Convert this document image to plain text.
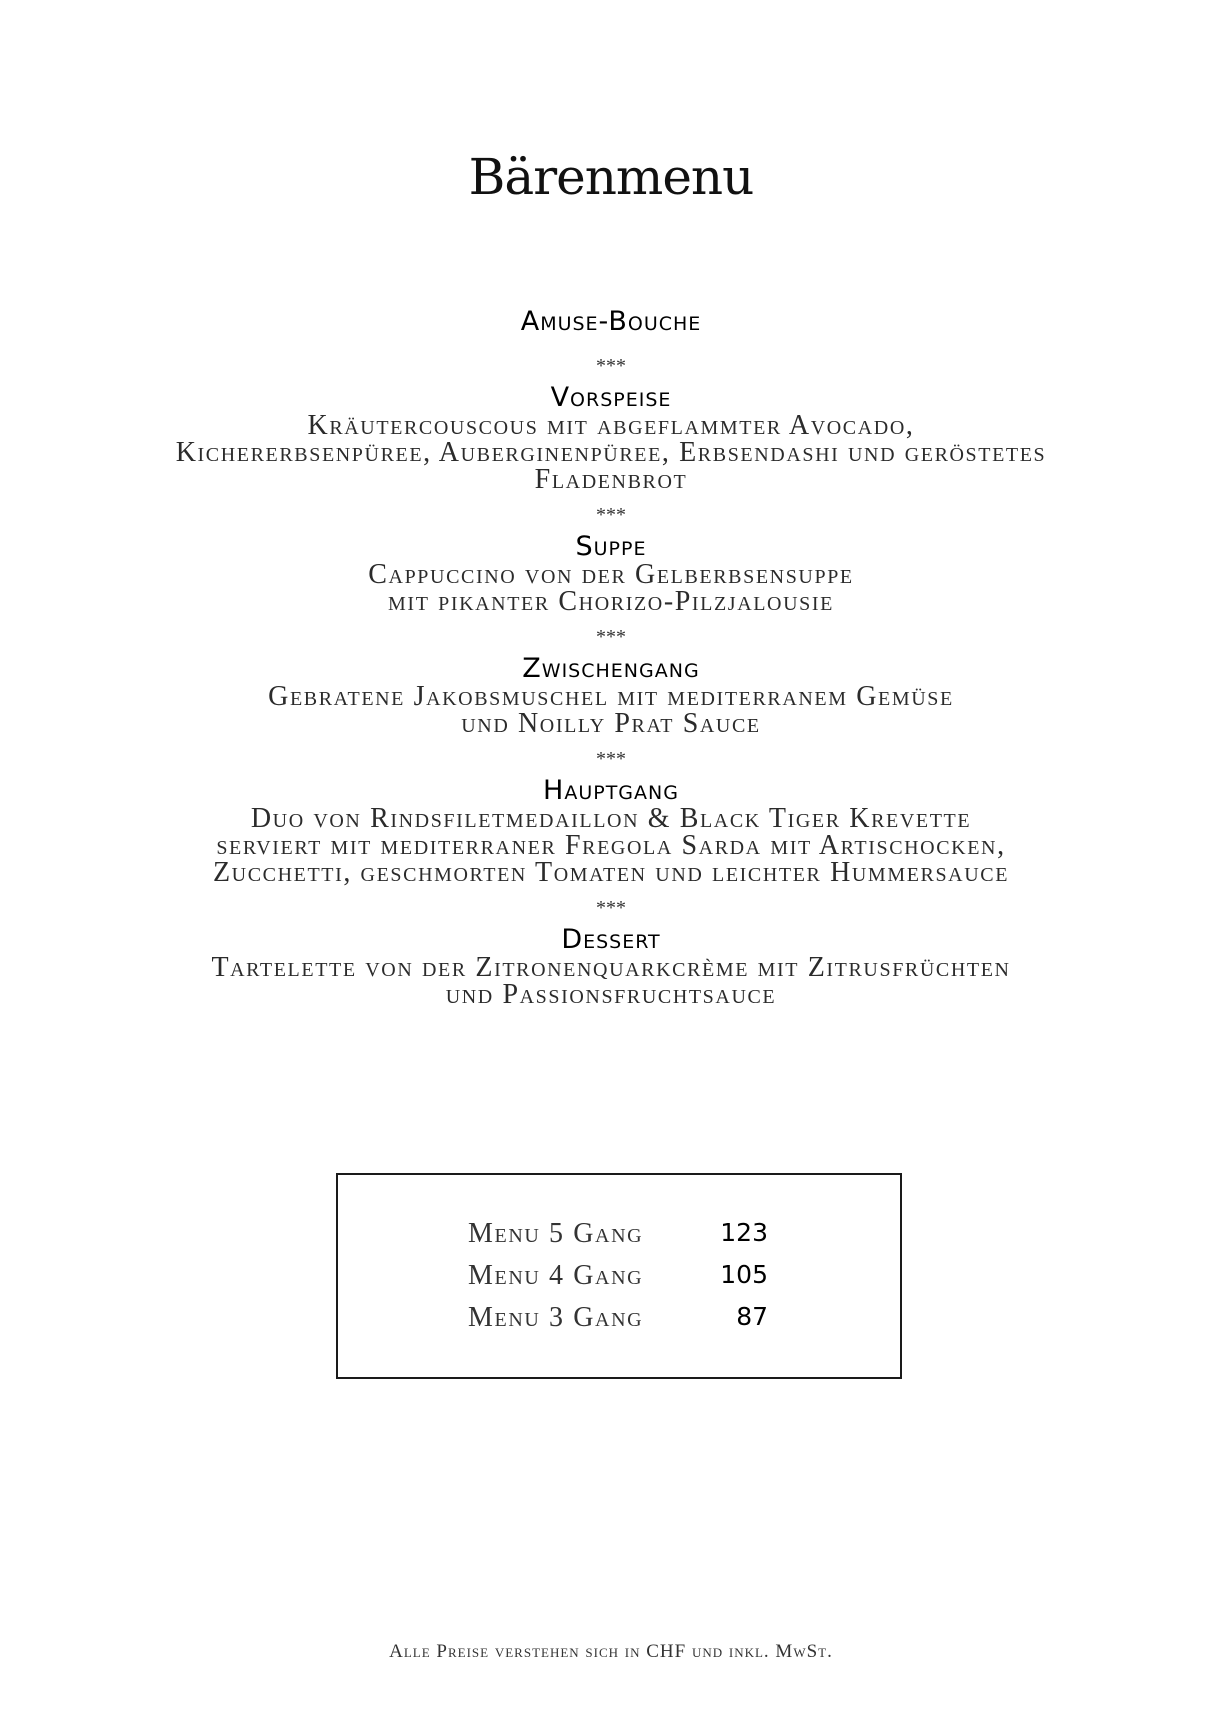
Bärenmenu
Amuse-Bouche
***
Vorspeise
Kräutercouscous mit abgeflammter Avocado,
Kichererbsenpüree, Auberginenpüree, Erbsendashi und geröstetes
Fladenbrot
***
Suppe
Cappuccino von der Gelberbsensuppe
mit pikanter Chorizo-Pilzjalousie
***
Zwischengang
Gebratene Jakobsmuschel mit mediterranem Gemüse
und Noilly Prat Sauce
***
Hauptgang
Duo von Rindsfiletmedaillon & Black Tiger Krevette
serviert mit mediterraner Fregola Sarda mit Artischocken,
Zucchetti, geschmorten Tomaten und leichter Hummersauce
***
Dessert
Tartelette von der Zitronenquarkcrème mit Zitrusfrüchten
und Passionsfruchtsauce
Menu 5 Gang	123
Menu 4 Gang	105
Menu 3 Gang	87
Alle Preise verstehen sich in CHF und inkl. MwSt.
